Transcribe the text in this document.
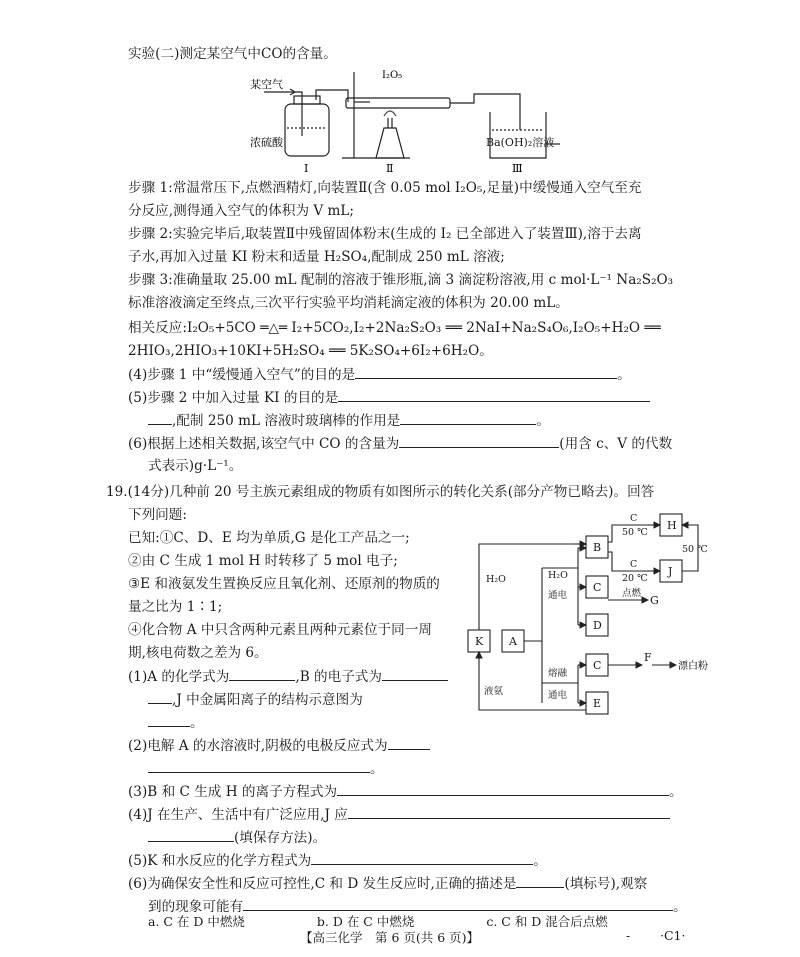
实验(二)测定某空气中CO的含量。
某空气
I₂O₅
浓硫酸
Ⅰ	Ⅱ	Ⅲ
Ba(OH)₂溶液
步骤 1:常温常压下,点燃酒精灯,向装置Ⅱ(含 0.05 mol I₂O₅,足量)中缓慢通入空气至充
分反应,测得通入空气的体积为 V mL;
步骤 2:实验完毕后,取装置Ⅱ中残留固体粉末(生成的 I₂ 已全部进入了装置Ⅲ),溶于去离
子水,再加入过量 KI 粉末和适量 H₂SO₄,配制成 250 mL 溶液;
步骤 3:准确量取 25.00 mL 配制的溶液于锥形瓶,滴 3 滴淀粉溶液,用 c mol·L⁻¹ Na₂S₂O₃
标准溶液滴定至终点,三次平行实验平均消耗滴定液的体积为 20.00 mL。
相关反应:I₂O₅+5CO ═△═ I₂+5CO₂,I₂+2Na₂S₂O₃ ══ 2NaI+Na₂S₄O₆,I₂O₅+H₂O ══
2HIO₃,2HIO₃+10KI+5H₂SO₄ ══ 5K₂SO₄+6I₂+6H₂O。
(4)步骤 1 中“缓慢通入空气”的目的是	。
(5)步骤 2 中加入过量 KI 的目的是
,配制 250 mL 溶液时玻璃棒的作用是	。
(6)根据上述相关数据,该空气中 CO 的含量为	(用含 c、V 的代数
式表示)g·L⁻¹。
19.(14分)几种前 20 号主族元素组成的物质有如图所示的转化关系(部分产物已略去)。回答
下列问题:
已知:①C、D、E 均为单质,G 是化工产品之一;
②由 C 生成 1 mol H 时转移了 5 mol 电子;
③E 和液氨发生置换反应且氧化剂、还原剂的物质的
量之比为 1∶1;
④化合物 A 中只含两种元素且两种元素位于同一周
期,核电荷数之差为 6。
(1)A 的化学式为	,B 的电子式为
,J 中金属阳离子的结构示意图为
。
(2)电解 A 的水溶液时,阴极的电极反应式为
。
(3)B 和 C 生成 H 的离子方程式为	。
(4)J 在生产、生活中有广泛应用,J 应
(填保存方法)。
(5)K 和水反应的化学方程式为	。
(6)为确保安全性和反应可控性,C 和 D 发生反应时,正确的描述是	(填标号),观察
到的现象可能有	。
a. C 在 D 中燃烧	b. D 在 C 中燃烧	c. C 和 D 混合后点燃
K A
B
C
D
C
E
H
J
F
G
H₂O	H₂O
通电
熔融
通电
液氨
C
50 ℃
C
20 ℃
50 ℃
点燃
漂白粉
【高三化学　第 6 页(共 6 页)】	- ·C1·
